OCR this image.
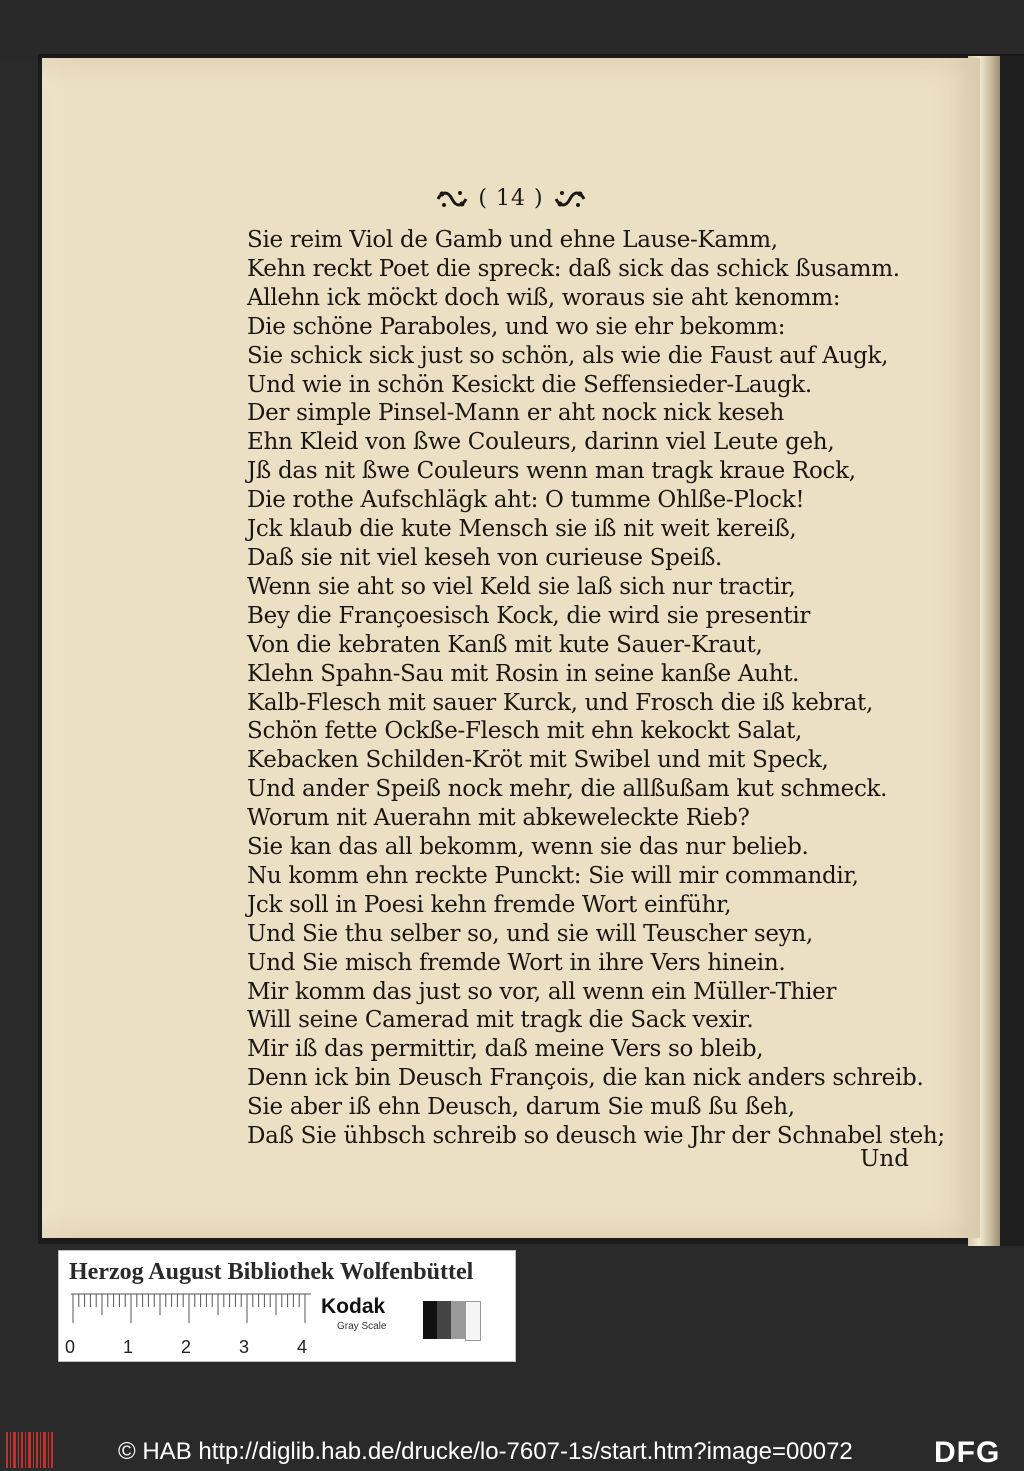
( 14 )
Sie reim Viol de Gamb und ehne Lause-Kamm,
Kehn reckt Poet die spreck: daß sick das schick ßusamm.
Allehn ick möckt doch wiß, woraus sie aht kenomm:
Die schöne Paraboles, und wo sie ehr bekomm:
Sie schick sick just so schön, als wie die Faust auf Augk,
Und wie in schön Kesickt die Seffensieder-Laugk.
Der simple Pinsel-Mann er aht nock nick keseh
Ehn Kleid von ßwe Couleurs, darinn viel Leute geh,
Jß das nit ßwe Couleurs wenn man tragk kraue Rock,
Die rothe Aufschlägk aht: O tumme Ohlße-Plock!
Jck klaub die kute Mensch sie iß nit weit kereiß,
Daß sie nit viel keseh von curieuse Speiß.
Wenn sie aht so viel Keld sie laß sich nur tractir,
Bey die Françoesisch Kock, die wird sie presentir
Von die kebraten Kanß mit kute Sauer-Kraut,
Klehn Spahn-Sau mit Rosin in seine kanße Auht.
Kalb-Flesch mit sauer Kurck, und Frosch die iß kebrat,
Schön fette Ockße-Flesch mit ehn kekockt Salat,
Kebacken Schilden-Kröt mit Swibel und mit Speck,
Und ander Speiß nock mehr, die allßußam kut schmeck.
Worum nit Auerahn mit abkeweleckte Rieb?
Sie kan das all bekomm, wenn sie das nur belieb.
Nu komm ehn reckte Punckt: Sie will mir commandir,
Jck soll in Poesi kehn fremde Wort einführ,
Und Sie thu selber so, und sie will Teuscher seyn,
Und Sie misch fremde Wort in ihre Vers hinein.
Mir komm das just so vor, all wenn ein Müller-Thier
Will seine Camerad mit tragk die Sack vexir.
Mir iß das permittir, daß meine Vers so bleib,
Denn ick bin Deusch François, die kan nick anders schreib.
Sie aber iß ehn Deusch, darum Sie muß ßu ßeh,
Daß Sie ühbsch schreib so deusch wie Jhr der Schnabel steh;
Und
Herzog August Bibliothek Wolfenbüttel
0	1	2	3	4
Kodak
Gray Scale
© HAB http://diglib.hab.de/drucke/lo-7607-1s/start.htm?image=00072	DFG
